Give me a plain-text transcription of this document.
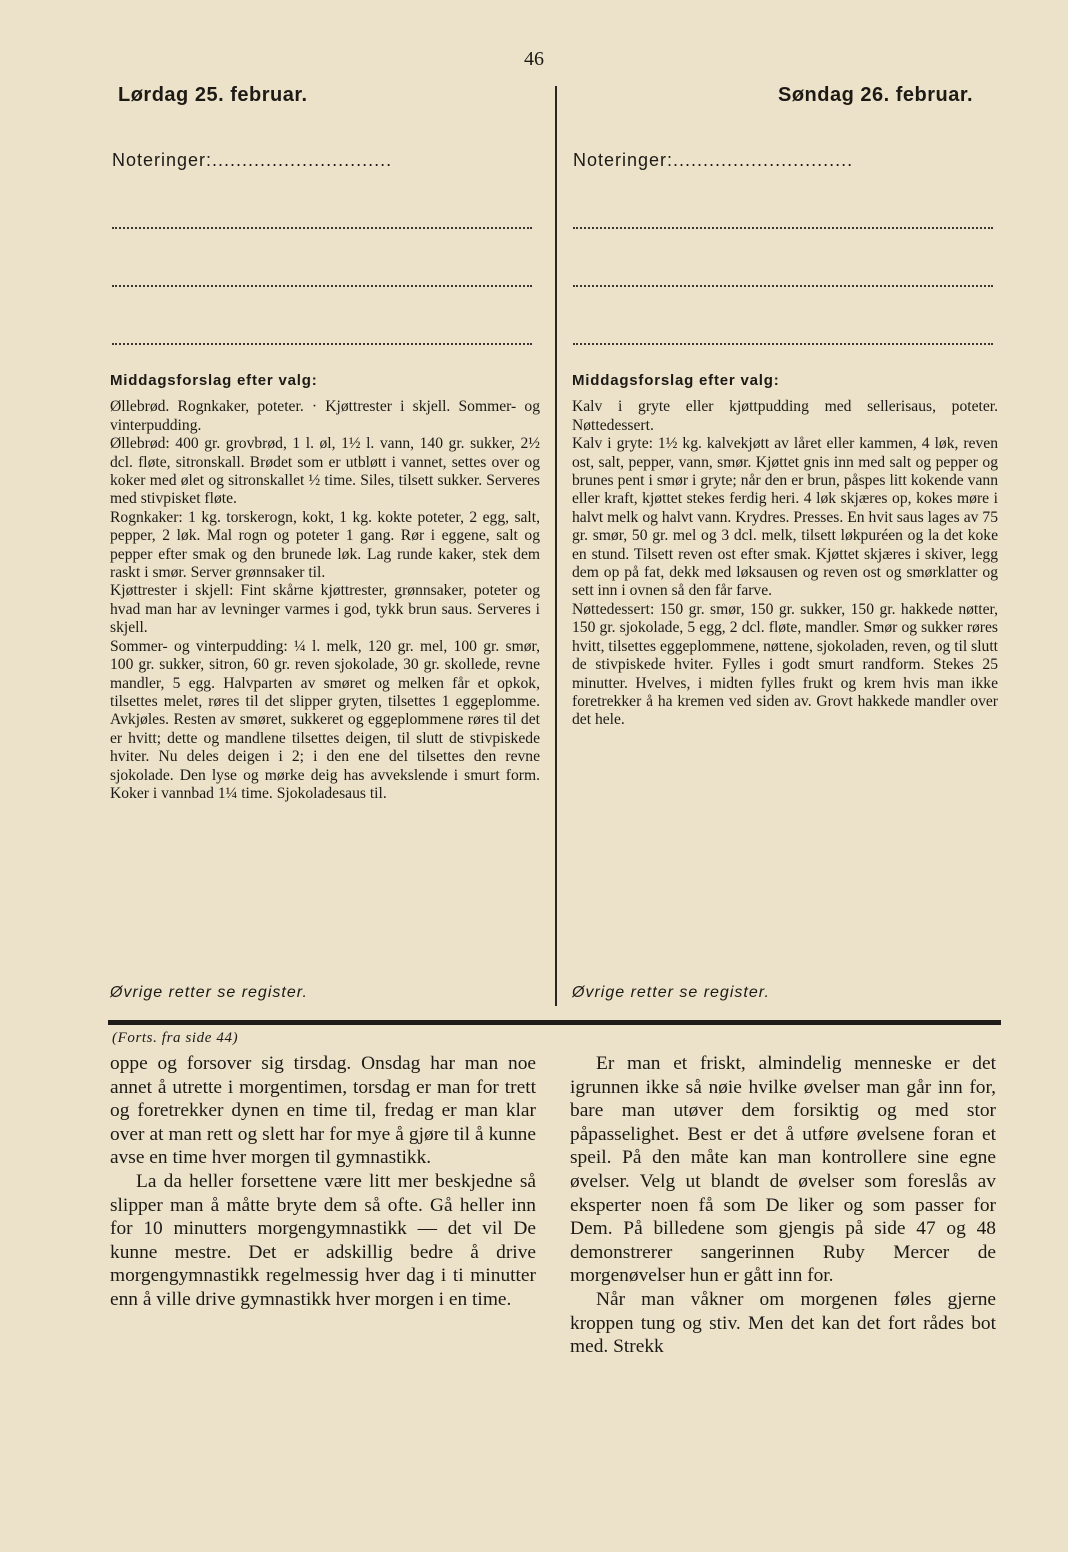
46
Lørdag 25. februar.	Søndag 26. februar.
Noteringer:..............................	Noteringer:..............................
Middagsforslag efter valg:

Øllebrød. Rognkaker, poteter. · Kjøttrester i skjell. Sommer- og vinterpudding.

Øllebrød: 400 gr. grovbrød, 1 l. øl, 1½ l. vann, 140 gr. sukker, 2½ dcl. fløte, sitronskall. Brødet som er utbløtt i vannet, settes over og koker med ølet og sitronskallet ½ time. Siles, tilsett sukker. Serveres med stivpisket fløte.

Rognkaker: 1 kg. torskerogn, kokt, 1 kg. kokte poteter, 2 egg, salt, pepper, 2 løk. Mal rogn og poteter 1 gang. Rør i eggene, salt og pepper efter smak og den brunede løk. Lag runde kaker, stek dem raskt i smør. Server grønnsaker til.

Kjøttrester i skjell: Fint skårne kjøttrester, grønnsaker, poteter og hvad man har av levninger varmes i god, tykk brun saus. Serveres i skjell.

Sommer- og vinterpudding: ¼ l. melk, 120 gr. mel, 100 gr. smør, 100 gr. sukker, sitron, 60 gr. reven sjokolade, 30 gr. skollede, revne mandler, 5 egg. Halvparten av smøret og melken får et opkok, tilsettes melet, røres til det slipper gryten, tilsettes 1 eggeplomme. Avkjøles. Resten av smøret, sukkeret og eggeplommene røres til det er hvitt; dette og mandlene tilsettes deigen, til slutt de stivpiskede hviter. Nu deles deigen i 2; i den ene del tilsettes den revne sjokolade. Den lyse og mørke deig has avvekslende i smurt form. Koker i vannbad 1¼ time. Sjokoladesaus til.

Middagsforslag efter valg:

Kalv i gryte eller kjøttpudding med sellerisaus, poteter. Nøttedessert.

Kalv i gryte: 1½ kg. kalvekjøtt av låret eller kammen, 4 løk, reven ost, salt, pepper, vann, smør. Kjøttet gnis inn med salt og pepper og brunes pent i smør i gryte; når den er brun, påspes litt kokende vann eller kraft, kjøttet stekes ferdig heri. 4 løk skjæres op, kokes møre i halvt melk og halvt vann. Krydres. Presses. En hvit saus lages av 75 gr. smør, 50 gr. mel og 3 dcl. melk, tilsett løkpuréen og la det koke en stund. Tilsett reven ost efter smak. Kjøttet skjæres i skiver, legg dem op på fat, dekk med løksausen og reven ost og smørklatter og sett inn i ovnen så den får farve.

Nøttedessert: 150 gr. smør, 150 gr. sukker, 150 gr. hakkede nøtter, 150 gr. sjokolade, 5 egg, 2 dcl. fløte, mandler. Smør og sukker røres hvitt, tilsettes eggeplommene, nøttene, sjokoladen, reven, og til slutt de stivpiskede hviter. Fylles i godt smurt randform. Stekes 25 minutter. Hvelves, i midten fylles frukt og krem hvis man ikke foretrekker å ha kremen ved siden av. Grovt hakkede mandler over det hele.

Øvrige retter se register.	Øvrige retter se register.
(Forts. fra side 44)

oppe og forsover sig tirsdag. Onsdag har man noe annet å utrette i morgentimen, torsdag er man for trett og foretrekker dynen en time til, fredag er man klar over at man rett og slett har for mye å gjøre til å kunne avse en time hver morgen til gymnastikk.

La da heller forsettene være litt mer beskjedne så slipper man å måtte bryte dem så ofte. Gå heller inn for 10 minutters morgengymnastikk — det vil De kunne mestre. Det er adskillig bedre å drive morgengymnastikk regelmessig hver dag i ti minutter enn å ville drive gymnastikk hver morgen i en time.

Er man et friskt, almindelig menneske er det igrunnen ikke så nøie hvilke øvelser man går inn for, bare man utøver dem forsiktig og med stor påpasselighet. Best er det å utføre øvelsene foran et speil. På den måte kan man kontrollere sine egne øvelser. Velg ut blandt de øvelser som foreslås av eksperter noen få som De liker og som passer for Dem. På billedene som gjengis på side 47 og 48 demonstrerer sangerinnen Ruby Mercer de morgenøvelser hun er gått inn for.

Når man våkner om morgenen føles gjerne kroppen tung og stiv. Men det kan det fort rådes bot med. Strekk
